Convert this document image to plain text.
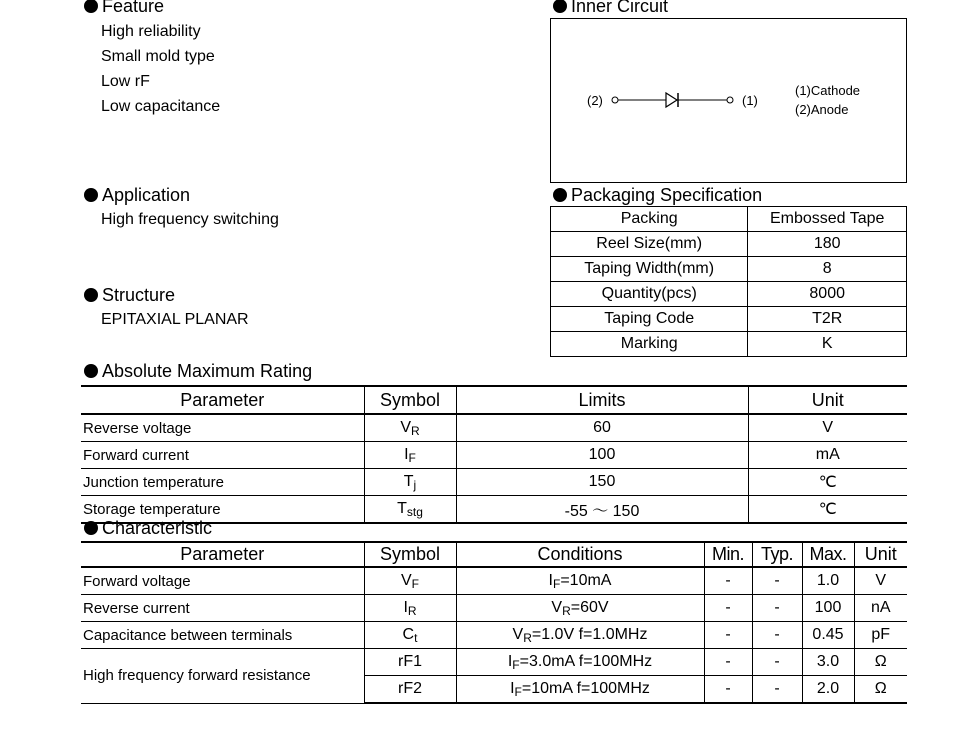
Feature
High reliability
Small mold type
Low rF
Low capacitance
Application
High frequency switching
Structure
EPITAXIAL PLANAR
Inner Circuit
(2)	(1)
(1)Cathode
(2)Anode
Packaging Specification
Packing	Embossed Tape
Reel Size(mm)	180
Taping Width(mm)	8
Quantity(pcs)	8000
Taping Code	T2R
Marking	K
Absolute Maximum Rating
Parameter	Symbol	Limits	Unit
Reverse voltage	$V_R$	60	V
Forward current	$I_F$	100	mA
Junction temperature	$T_j$	150	℃
Storage temperature	$T_{stg}$	-55 ～ 150	℃
Characteristic
Parameter	Symbol	Conditions	Min.	Typ.	Max.	Unit
Forward voltage	$V_F$	$I_F=10mA$	-	-	1.0	V
Reverse current	$I_R$	$V_R=60V$	-	-	100	nA
Capacitance between terminals	$C_t$	$V_R=1.0V$ f=1.0MHz	-	-	0.45	pF
High frequency forward resistance	rF1	$I_F=3.0mA$ f=100MHz	-	-	3.0	Ω
	rF2	$I_F=10mA$ f=100MHz	-	-	2.0	Ω
